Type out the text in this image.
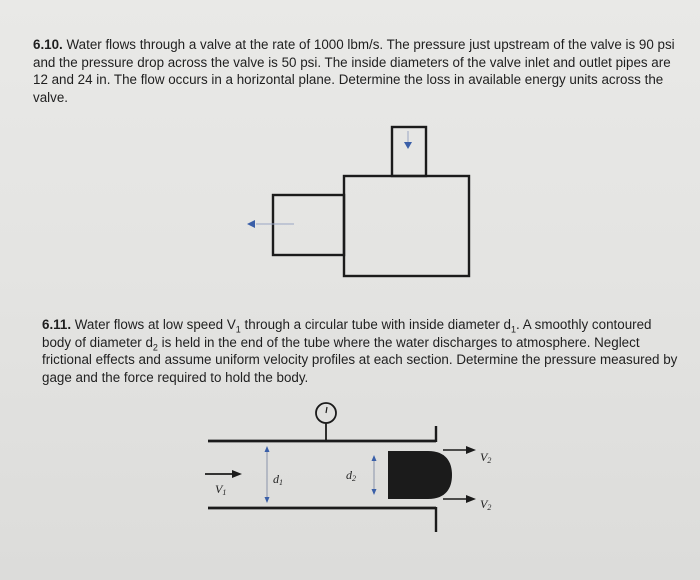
6.10. Water flows through a valve at the rate of 1000 lbm/s. The pressure just upstream of the valve is 90 psi and the pressure drop across the valve is 50 psi. The inside diameters of the valve inlet and outlet pipes are 12 and 24 in. The flow occurs in a horizontal plane. Determine the loss in available energy units across the valve.
6.11. Water flows at low speed $V_1$ through a circular tube with inside diameter $d_1$. A smoothly contoured body of diameter $d_2$ is held in the end of the tube where the water discharges to atmosphere. Neglect frictional effects and assume uniform velocity profiles at each section. Determine the pressure measured by gage and the force required to hold the body.
V1
d1
d2
V2
V2
